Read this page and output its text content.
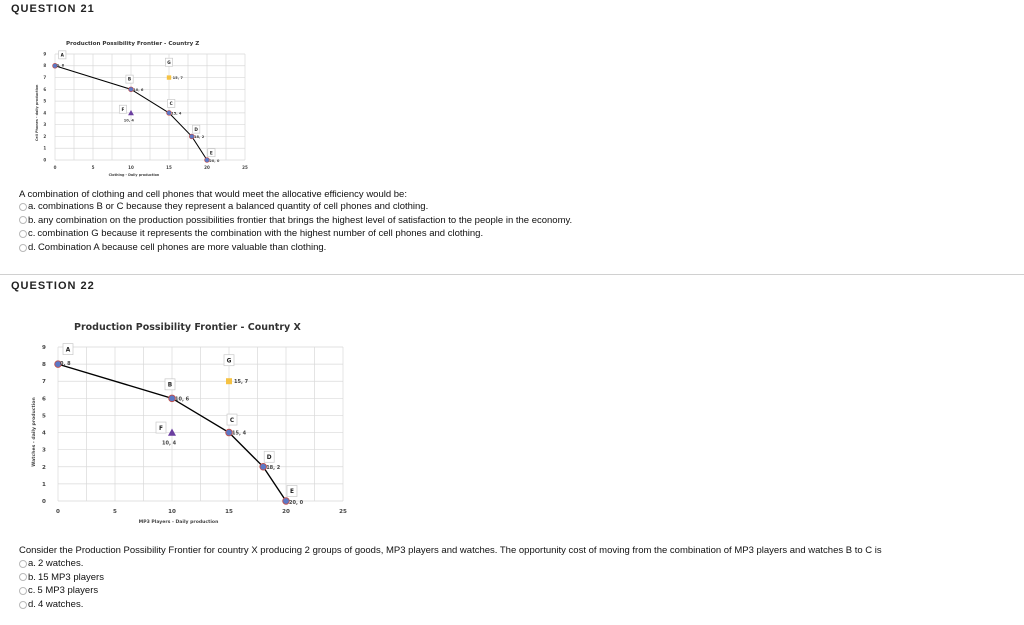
QUESTION 21
Production Possibility Frontier - Country Z
0	5	10	15	20	25
0
1
2
3
4
5
6
7
8
9
Clothing - Daily production
Cell Phones - daily production
A
0, 8
B
10, 6
C
15, 4
D
18, 2
E
20, 0
F
10, 4
G
15, 7
A combination of clothing and cell phones that would meet the allocative efficiency would be:
a. combinations B or C because they represent a balanced quantity of cell phones and clothing.
b. any combination on the production possibilities frontier that brings the highest level of satisfaction to the people in the economy.
c. combination G because it represents the combination with the highest number of cell phones and clothing.
d. Combination A because cell phones are more valuable than clothing.
QUESTION 22
Production Possibility Frontier - Country X
0	5	10	15	20	25
0
1
2
3
4
5
6
7
8
9
MP3 Players - Daily production
Watches - daily production
A
0, 8
B
10, 6
C
15, 4
D
18, 2
E
20, 0
F
10, 4
G
15, 7
Consider the Production Possibility Frontier for country X producing 2 groups of goods, MP3 players and watches. The opportunity cost of moving from the combination of MP3 players and watches B to C is
a. 2 watches.
b. 15 MP3 players
c. 5 MP3 players
d. 4 watches.
